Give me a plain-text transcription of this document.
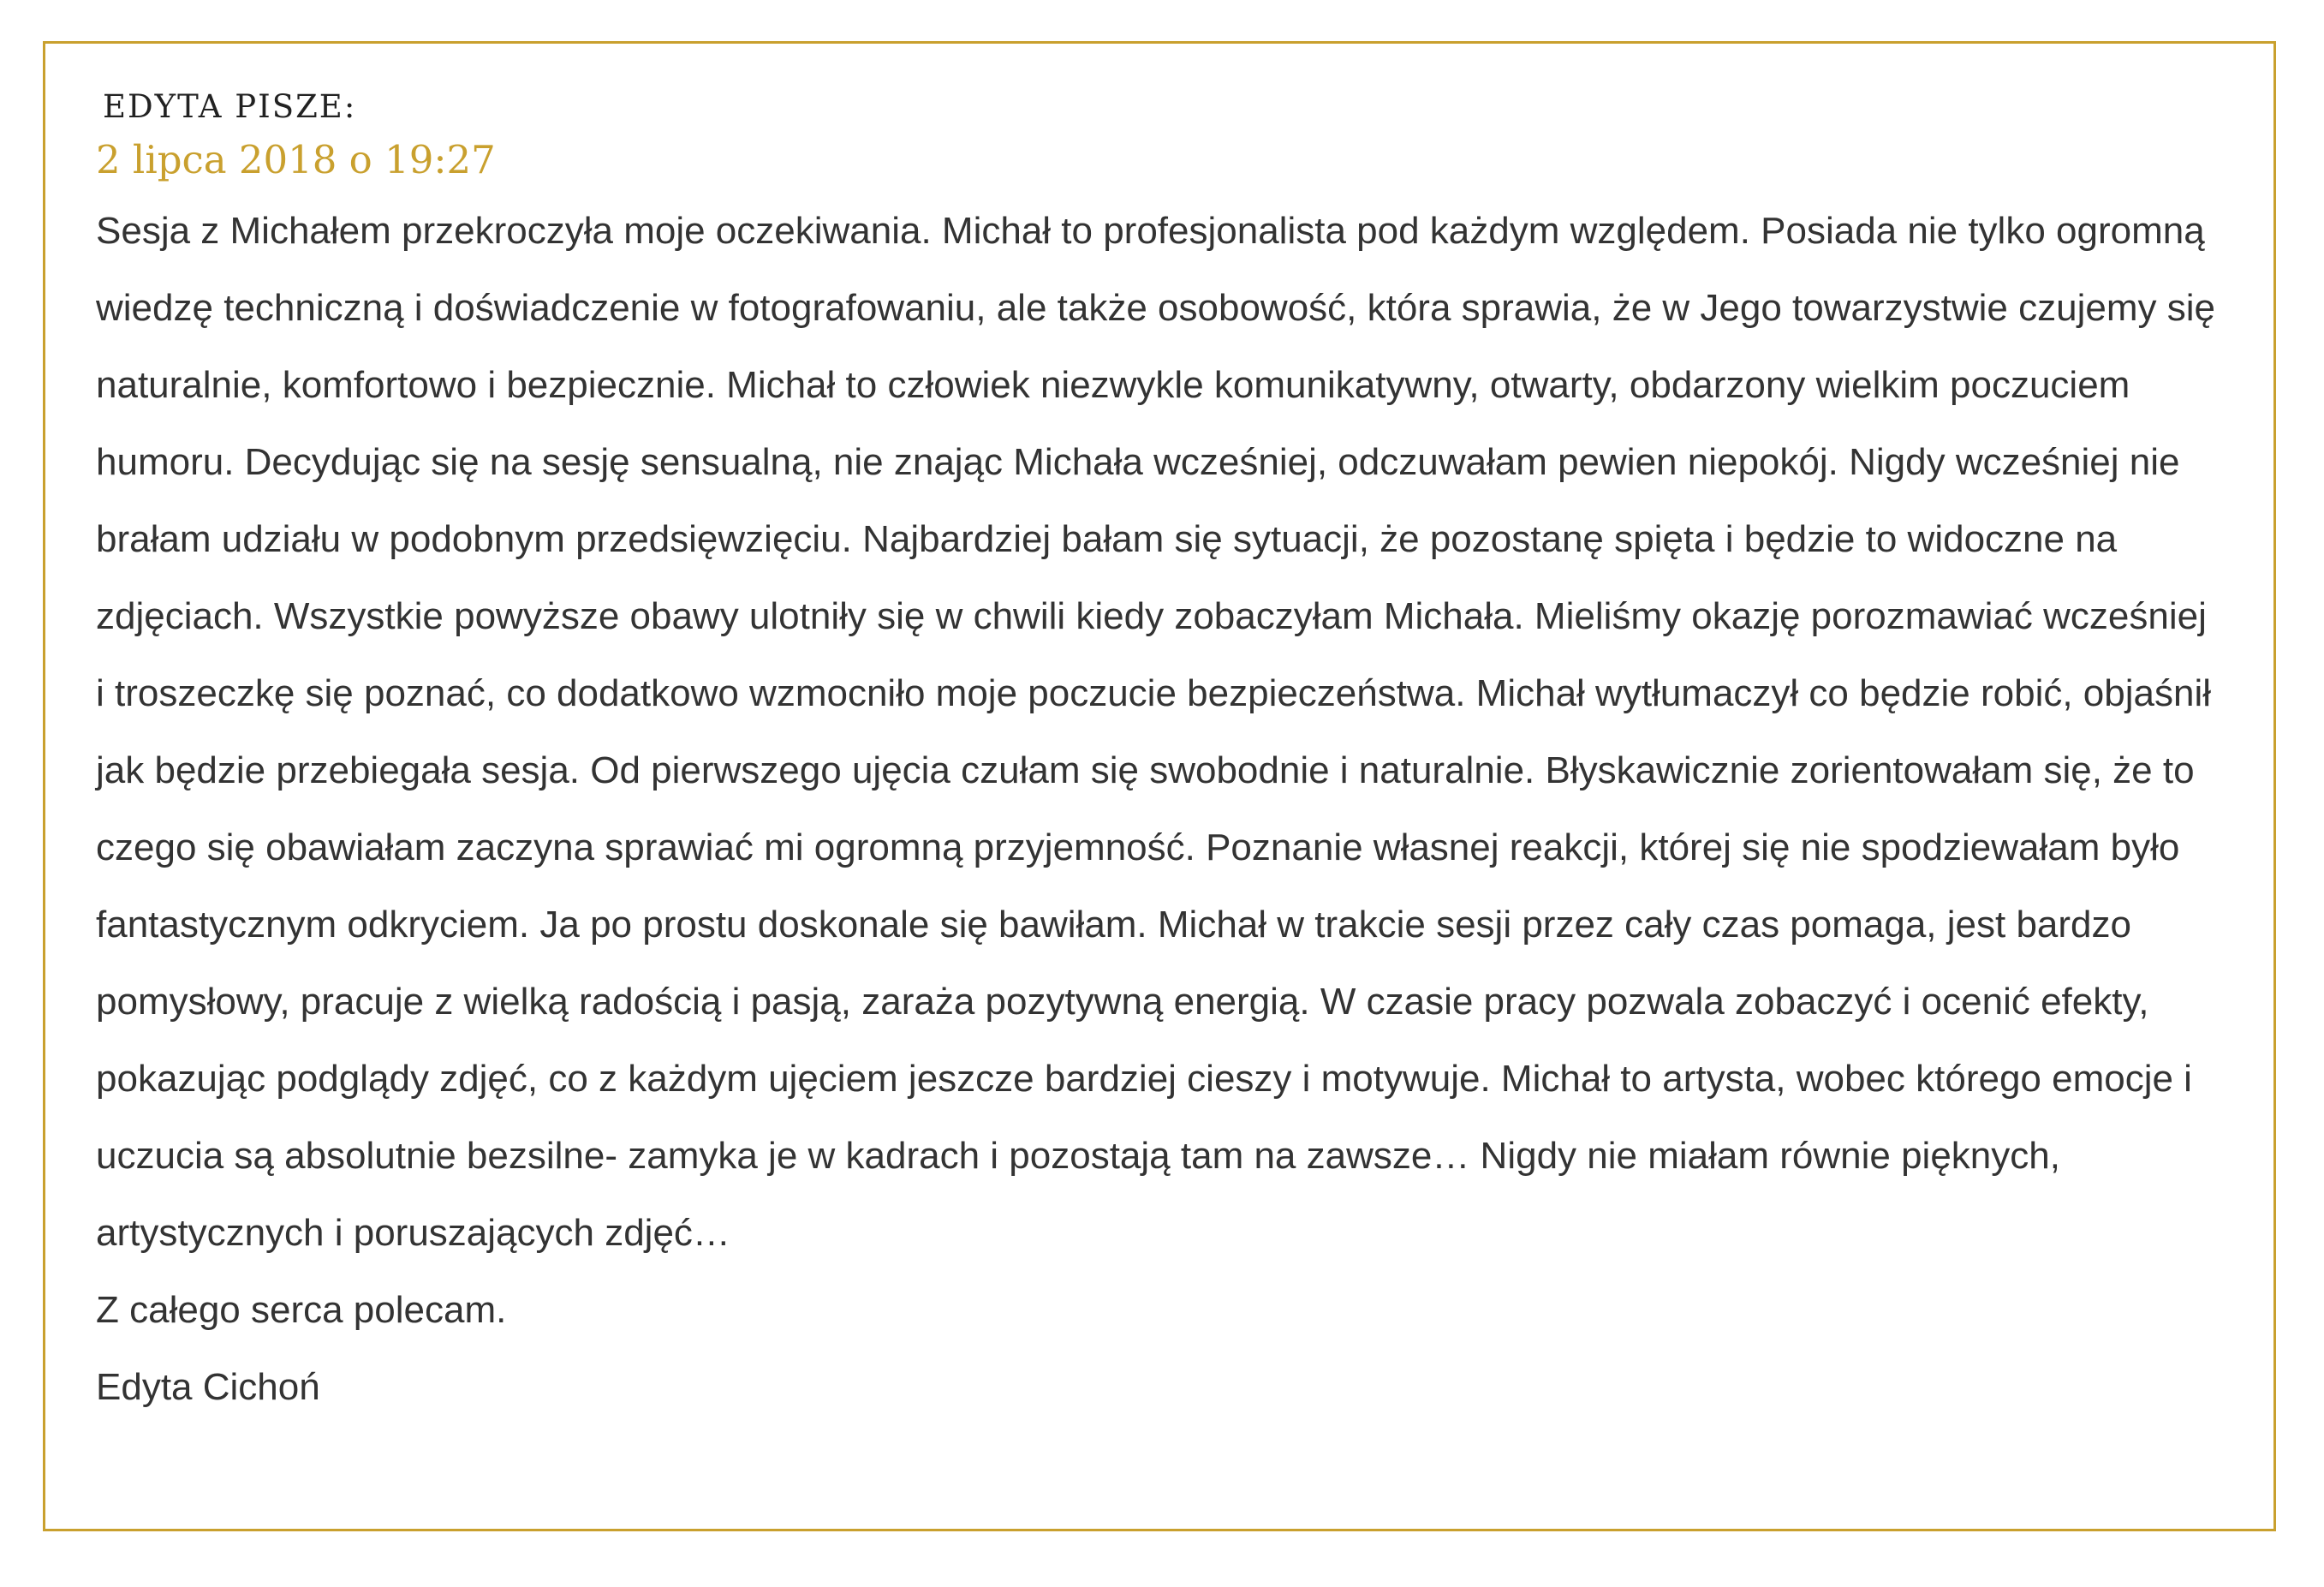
EDYTA PISZE:
2 lipca 2018 o 19:27

Sesja z Michałem przekroczyła moje oczekiwania. Michał to profesjonalista pod każdym względem. Posiada nie tylko ogromną wiedzę techniczną i doświadczenie w fotografowaniu, ale także osobowość, która sprawia, że w Jego towarzystwie czujemy się naturalnie, komfortowo i bezpiecznie. Michał to człowiek niezwykle komunikatywny, otwarty, obdarzony wielkim poczuciem humoru. Decydując się na sesję sensualną, nie znając Michała wcześniej, odczuwałam pewien niepokój. Nigdy wcześniej nie brałam udziału w podobnym przedsięwzięciu. Najbardziej bałam się sytuacji, że pozostanę spięta i będzie to widoczne na zdjęciach. Wszystkie powyższe obawy ulotniły się w chwili kiedy zobaczyłam Michała. Mieliśmy okazję porozmawiać wcześniej i troszeczkę się poznać, co dodatkowo wzmocniło moje poczucie bezpieczeństwa. Michał wytłumaczył co będzie robić, objaśnił jak będzie przebiegała sesja. Od pierwszego ujęcia czułam się swobodnie i naturalnie. Błyskawicznie zorientowałam się, że to czego się obawiałam zaczyna sprawiać mi ogromną przyjemność. Poznanie własnej reakcji, której się nie spodziewałam było fantastycznym odkryciem. Ja po prostu doskonale się bawiłam. Michał w trakcie sesji przez cały czas pomaga, jest bardzo pomysłowy, pracuje z wielką radością i pasją, zaraża pozytywną energią. W czasie pracy pozwala zobaczyć i ocenić efekty, pokazując podglądy zdjęć, co z każdym ujęciem jeszcze bardziej cieszy i motywuje. Michał to artysta, wobec którego emocje i uczucia są absolutnie bezsilne- zamyka je w kadrach i pozostają tam na zawsze… Nigdy nie miałam równie pięknych, artystycznych i poruszających zdjęć…

Z całego serca polecam.

Edyta Cichoń
